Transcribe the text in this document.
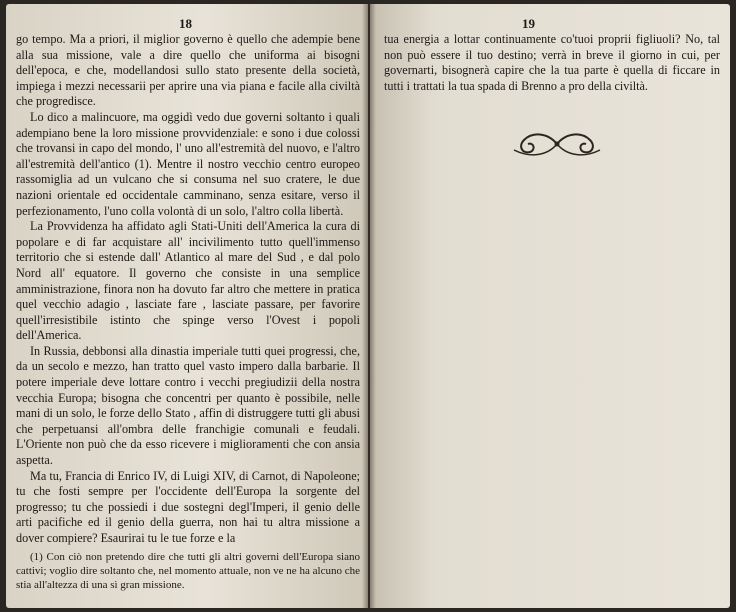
18

go tempo. Ma a priori, il miglior governo è quello che adempie bene alla sua missione, vale a dire quello che uniforma ai bisogni dell'epoca, e che, modellandosi sullo stato presente della società, impiega i mezzi necessarii per aprire una via piana e facile alla civiltà che progredisce.

Lo dico a malincuore, ma oggidì vedo due governi soltanto i quali adempiano bene la loro missione provvidenziale: e sono i due colossi che trovansi in capo del mondo, l' uno all'estremità del nuovo, e l'altro all'estremità dell'antico (1). Mentre il nostro vecchio centro europeo rassomiglia ad un vulcano che si consuma nel suo cratere, le due nazioni orientale ed occidentale camminano, senza esitare, verso il perfezionamento, l'uno colla volontà di un solo, l'altro colla libertà.

La Provvidenza ha affidato agli Stati-Uniti dell'America la cura di popolare e di far acquistare all' incivilimento tutto quell'immenso territorio che si estende dall' Atlantico al mare del Sud , e dal polo Nord all' equatore. Il governo che consiste in una semplice amministrazione, finora non ha dovuto far altro che mettere in pratica quel vecchio adagio , lasciate fare , lasciate passare, per favorire quell'irresistibile istinto che spinge verso l'Ovest i popoli dell'America.

In Russia, debbonsi alla dinastia imperiale tutti quei progressi, che, da un secolo e mezzo, han tratto quel vasto impero dalla barbarie. Il potere imperiale deve lottare contro i vecchi pregiudizii della nostra vecchia Europa; bisogna che concentri per quanto è possibile, nelle mani di un solo, le forze dello Stato , affin di distruggere tutti gli abusi che perpetuansi all'ombra delle franchigie comunali e feudali. L'Oriente non può che da esso ricevere i miglioramenti che con ansia aspetta.

Ma tu, Francia di Enrico IV, di Luigi XIV, di Carnot, di Napoleone; tu che fosti sempre per l'occidente dell'Europa la sorgente del progresso; tu che possiedi i due sostegni degl'Imperi, il genio delle arti pacifiche ed il genio della guerra, non hai tu altra missione a dover compiere? Esaurirai tu le tue forze e la

(1) Con ciò non pretendo dire che tutti gli altri governi dell'Europa siano cattivi; voglio dire soltanto che, nel momento attuale, non ve ne ha alcuno che stia all'altezza di una sì gran missione.

19

tua energia a lottar continuamente co'tuoi proprii figliuoli? No, tal non può essere il tuo destino; verrà in breve il giorno in cui, per governarti, bisognerà capire che la tua parte è quella di ficcare in tutti i trattati la tua spada di Brenno a pro della civiltà.
